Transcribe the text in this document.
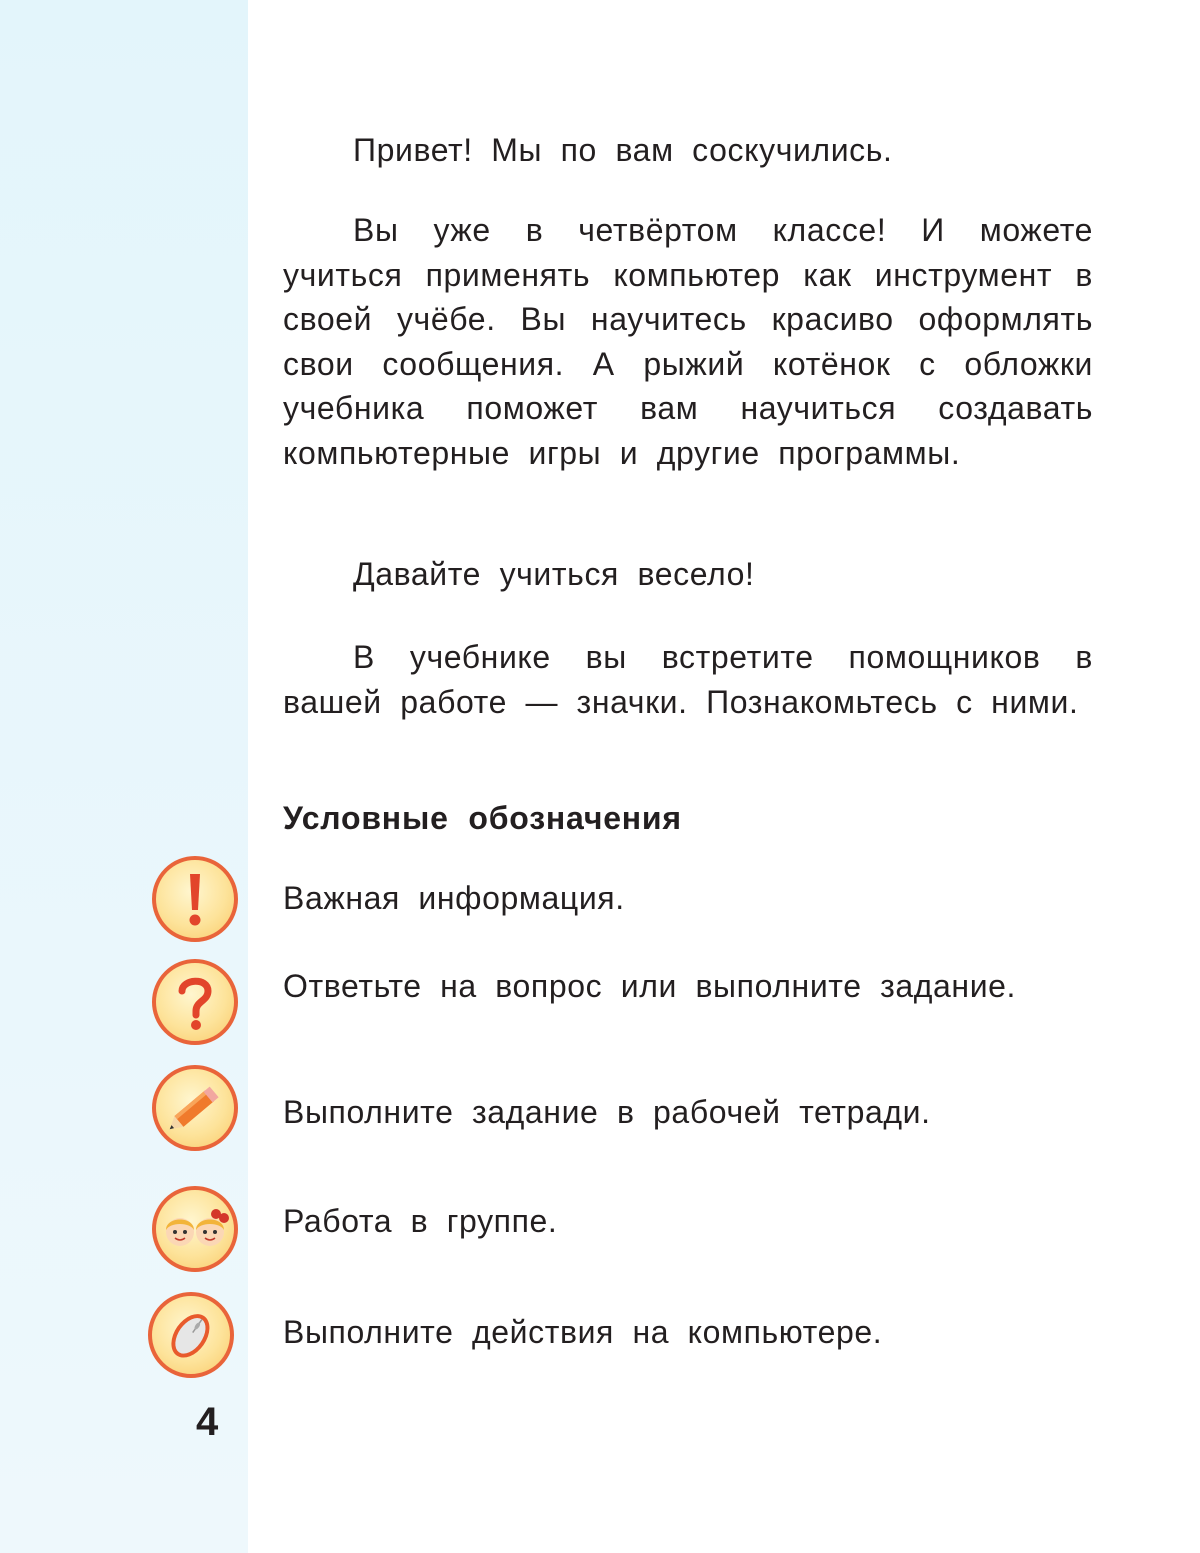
Привет! Мы по вам соскучились.
Вы уже в четвёртом классе! И можете учиться применять компьютер как инструмент в своей учёбе. Вы научитесь красиво оформлять свои сообщения. А рыжий котёнок с обложки учебника поможет вам научиться создавать компьютерные игры и другие программы.
Давайте учиться весело!
В учебнике вы встретите помощников в вашей работе — значки. Познакомьтесь с ними.
Условные обозначения
Важная информация.
Ответьте на вопрос или выполните задание.
Выполните задание в рабочей тетради.
Работа в группе.
Выполните действия на компьютере.
4
